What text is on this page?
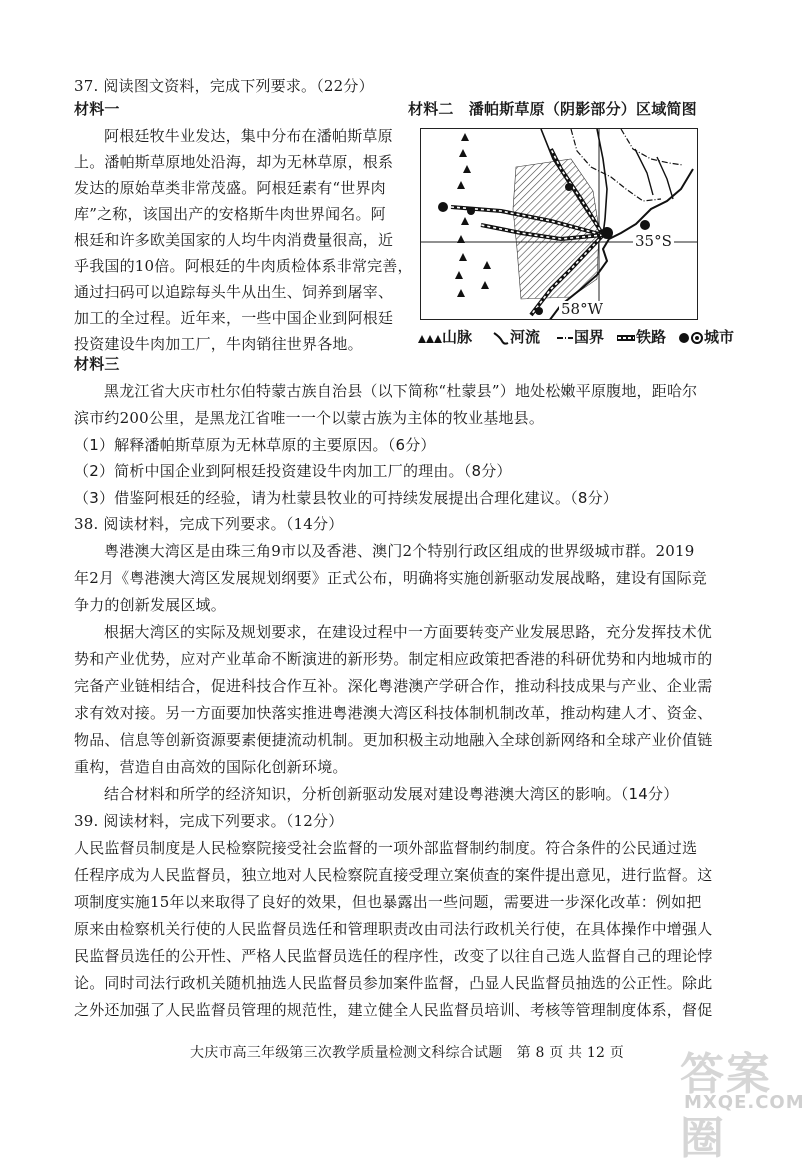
37. 阅读图文资料，完成下列要求。（22分）
材料一	材料二　潘帕斯草原（阴影部分）区域简图
阿根廷牧牛业发达，集中分布在潘帕斯草原
上。潘帕斯草原地处沿海，却为无林草原，根系
发达的原始草类非常茂盛。阿根廷素有“世界肉
库”之称，该国出产的安格斯牛肉世界闻名。阿
根廷和许多欧美国家的人均牛肉消费量很高，近
乎我国的10倍。阿根廷的牛肉质检体系非常完善，
通过扫码可以追踪每头牛从出生、饲养到屠宰、
加工的全过程。近年来，一些中国企业到阿根廷
投资建设牛肉加工厂，牛肉销往世界各地。
35°S
58°W
山脉	河流	国界	铁路	城市
材料三
黑龙江省大庆市杜尔伯特蒙古族自治县（以下简称“杜蒙县”）地处松嫩平原腹地，距哈尔
滨市约200公里，是黑龙江省唯一一个以蒙古族为主体的牧业基地县。
（1）解释潘帕斯草原为无林草原的主要原因。（6分）
（2）简析中国企业到阿根廷投资建设牛肉加工厂的理由。（8分）
（3）借鉴阿根廷的经验，请为杜蒙县牧业的可持续发展提出合理化建议。（8分）
38. 阅读材料，完成下列要求。（14分）
粤港澳大湾区是由珠三角9市以及香港、澳门2个特别行政区组成的世界级城市群。2019
年2月《粤港澳大湾区发展规划纲要》正式公布，明确将实施创新驱动发展战略，建设有国际竞
争力的创新发展区域。
根据大湾区的实际及规划要求，在建设过程中一方面要转变产业发展思路，充分发挥技术优
势和产业优势，应对产业革命不断演进的新形势。制定相应政策把香港的科研优势和内地城市的
完备产业链相结合，促进科技合作互补。深化粤港澳产学研合作，推动科技成果与产业、企业需
求有效对接。另一方面要加快落实推进粤港澳大湾区科技体制机制改革，推动构建人才、资金、
物品、信息等创新资源要素便捷流动机制。更加积极主动地融入全球创新网络和全球产业价值链
重构，营造自由高效的国际化创新环境。
结合材料和所学的经济知识，分析创新驱动发展对建设粤港澳大湾区的影响。（14分）
39. 阅读材料，完成下列要求。（12分）
人民监督员制度是人民检察院接受社会监督的一项外部监督制约制度。符合条件的公民通过选
任程序成为人民监督员，独立地对人民检察院直接受理立案侦查的案件提出意见，进行监督。这
项制度实施15年以来取得了良好的效果，但也暴露出一些问题，需要进一步深化改革：例如把
原来由检察机关行使的人民监督员选任和管理职责改由司法行政机关行使，在具体操作中增强人
民监督员选任的公开性、严格人民监督员选任的程序性，改变了以往自己选人监督自己的理论悖
论。同时司法行政机关随机抽选人民监督员参加案件监督，凸显人民监督员抽选的公正性。除此
之外还加强了人民监督员管理的规范性，建立健全人民监督员培训、考核等管理制度体系，督促
大庆市高三年级第三次教学质量检测文科综合试题　第 8 页 共 12 页 答案圈
MXQE.COM
